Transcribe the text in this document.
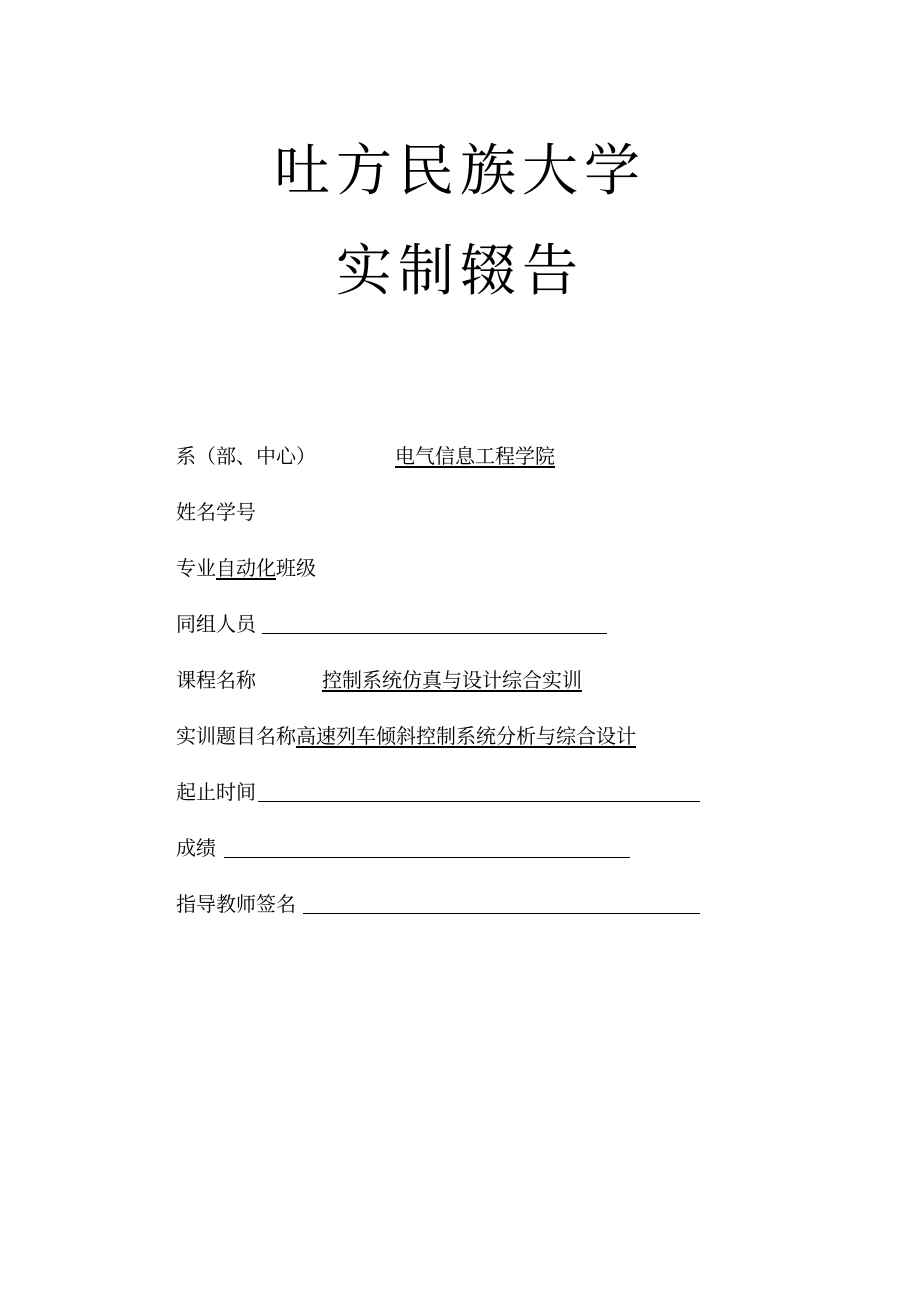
吐方民族大学
实制辍告
系（部、中心）	电气信息工程学院
姓名学号
专业自动化班级
同组人员
课程名称	控制系统仿真与设计综合实训
实训题目名称高速列车倾斜控制系统分析与综合设计
起止时间
成绩
指导教师签名
